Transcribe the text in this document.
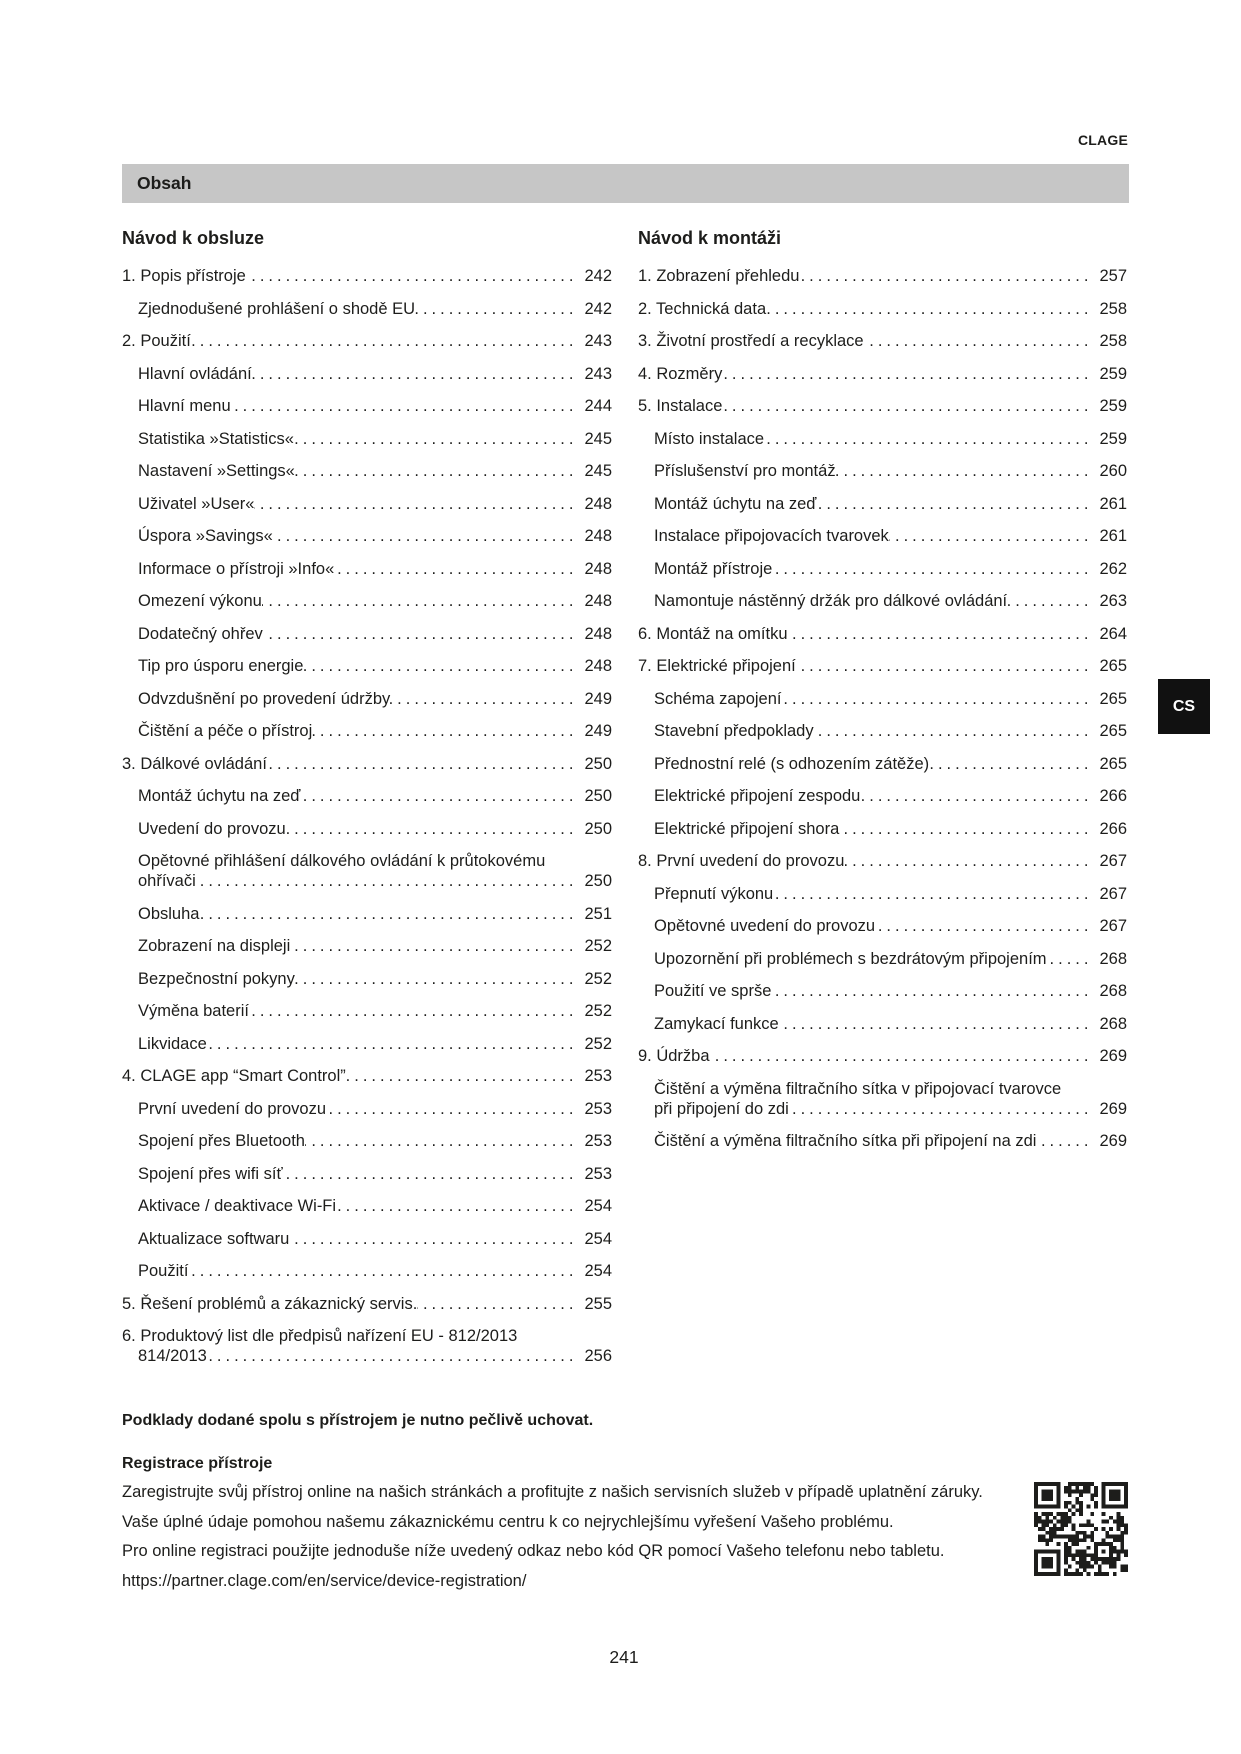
CLAGE
Obsah
Návod k obsluze
1. Popis přístroje .....	242
Zjednodušené prohlášení o shodě EU .....	242
2. Použití .....	243
Hlavní ovládání .....	243
Hlavní menu .....	244
Statistika »Statistics« .....	245
Nastavení »Settings« .....	245
Uživatel »User« .....	248
Úspora »Savings« .....	248
Informace o přístroji »Info« .....	248
Omezení výkonu .....	248
Dodatečný ohřev .....	248
Tip pro úsporu energie .....	248
Odvzdušnění po provedení údržby .....	249
Čištění a péče o přístroj .....	249
3. Dálkové ovládání .....	250
Montáž úchytu na zeď .....	250
Uvedení do provozu .....	250
Opětovné přihlášení dálkového ovládání k průtokovému
ohřívači .....	250
Obsluha .....	251
Zobrazení na displeji .....	252
Bezpečnostní pokyny .....	252
Výměna baterií .....	252
Likvidace .....	252
4. CLAGE app “Smart Control” .....	253
První uvedení do provozu .....	253
Spojení přes Bluetooth .....	253
Spojení přes wifi síť .....	253
Aktivace / deaktivace Wi-Fi .....	254
Aktualizace softwaru .....	254
Použití .....	254
5. Řešení problémů a zákaznický servis. .....	255
6. Produktový list dle předpisů nařízení EU - 812/2013
814/2013 .....	256
Návod k montáži
1. Zobrazení přehledu .....	257
2. Technická data .....	258
3. Životní prostředí a recyklace .....	258
4. Rozměry .....	259
5. Instalace .....	259
Místo instalace .....	259
Příslušenství pro montáž .....	260
Montáž úchytu na zeď .....	261
Instalace připojovacích tvarovek .....	261
Montáž přístroje .....	262
Namontuje nástěnný držák pro dálkové ovládání .....	263
6. Montáž na omítku .....	264
7. Elektrické připojení .....	265
Schéma zapojení .....	265
Stavební předpoklady .....	265
Přednostní relé (s odhozením zátěže) .....	265
Elektrické připojení zespodu .....	266
Elektrické připojení shora .....	266
8. První uvedení do provozu .....	267
Přepnutí výkonu .....	267
Opětovné uvedení do provozu .....	267
Upozornění při problémech s bezdrátovým připojením .....	268
Použití ve sprše .....	268
Zamykací funkce .....	268
9. Údržba .....	269
Čištění a výměna filtračního sítka v připojovací tvarovce
při připojení do zdi .....	269
Čištění a výměna filtračního sítka při připojení na zdi .....	269
CS
Podklady dodané spolu s přístrojem je nutno pečlivě uchovat.
Registrace přístroje
Zaregistrujte svůj přístroj online na našich stránkách a profitujte z našich servisních služeb v případě uplatnění záruky.
Vaše úplné údaje pomohou našemu zákaznickému centru k co nejrychlejšímu vyřešení Vašeho problému.
Pro online registraci použijte jednoduše níže uvedený odkaz nebo kód QR pomocí Vašeho telefonu nebo tabletu.
https://partner.clage.com/en/service/device-registration/
241
